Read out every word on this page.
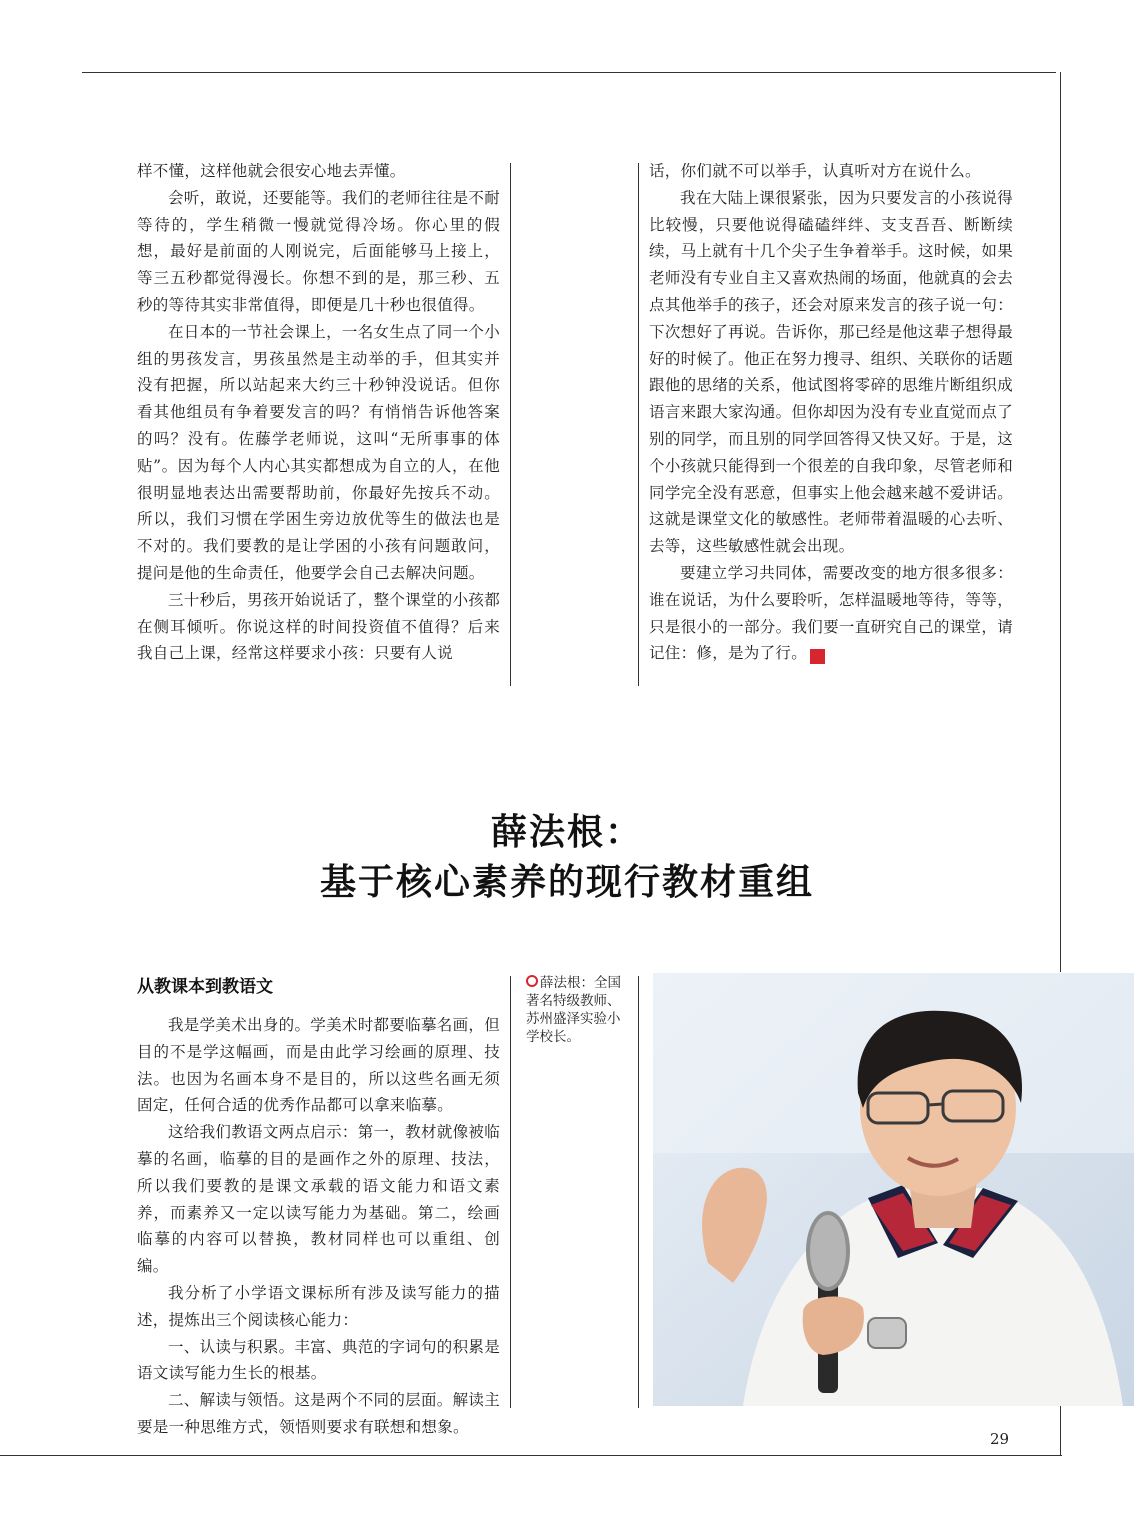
样不懂，这样他就会很安心地去弄懂。

会听，敢说，还要能等。我们的老师往往是不耐等待的，学生稍微一慢就觉得冷场。你心里的假想，最好是前面的人刚说完，后面能够马上接上，等三五秒都觉得漫长。你想不到的是，那三秒、五秒的等待其实非常值得，即便是几十秒也很值得。

在日本的一节社会课上，一名女生点了同一个小组的男孩发言，男孩虽然是主动举的手，但其实并没有把握，所以站起来大约三十秒钟没说话。但你看其他组员有争着要发言的吗？有悄悄告诉他答案的吗？没有。佐藤学老师说，这叫“无所事事的体贴”。因为每个人内心其实都想成为自立的人，在他很明显地表达出需要帮助前，你最好先按兵不动。所以，我们习惯在学困生旁边放优等生的做法也是不对的。我们要教的是让学困的小孩有问题敢问，提问是他的生命责任，他要学会自己去解决问题。

三十秒后，男孩开始说话了，整个课堂的小孩都在侧耳倾听。你说这样的时间投资值不值得？后来我自己上课，经常这样要求小孩：只要有人说

话，你们就不可以举手，认真听对方在说什么。

我在大陆上课很紧张，因为只要发言的小孩说得比较慢，只要他说得磕磕绊绊、支支吾吾、断断续续，马上就有十几个尖子生争着举手。这时候，如果老师没有专业自主又喜欢热闹的场面，他就真的会去点其他举手的孩子，还会对原来发言的孩子说一句：下次想好了再说。告诉你，那已经是他这辈子想得最好的时候了。他正在努力搜寻、组织、关联你的话题跟他的思绪的关系，他试图将零碎的思维片断组织成语言来跟大家沟通。但你却因为没有专业直觉而点了别的同学，而且别的同学回答得又快又好。于是，这个小孩就只能得到一个很差的自我印象，尽管老师和同学完全没有恶意，但事实上他会越来越不爱讲话。这就是课堂文化的敏感性。老师带着温暖的心去听、去等，这些敏感性就会出现。

要建立学习共同体，需要改变的地方很多很多：谁在说话，为什么要聆听，怎样温暖地等待，等等，只是很小的一部分。我们要一直研究自己的课堂，请记住：修，是为了行。	家

薛法根：
基于核心素养的现行教材重组
从教课本到教语文

我是学美术出身的。学美术时都要临摹名画，但目的不是学这幅画，而是由此学习绘画的原理、技法。也因为名画本身不是目的，所以这些名画无须固定，任何合适的优秀作品都可以拿来临摹。

这给我们教语文两点启示：第一，教材就像被临摹的名画，临摹的目的是画作之外的原理、技法，所以我们要教的是课文承载的语文能力和语文素养，而素养又一定以读写能力为基础。第二，绘画临摹的内容可以替换，教材同样也可以重组、创编。

我分析了小学语文课标所有涉及读写能力的描述，提炼出三个阅读核心能力：

一、认读与积累。丰富、典范的字词句的积累是语文读写能力生长的根基。

二、解读与领悟。这是两个不同的层面。解读主要是一种思维方式，领悟则要求有联想和想象。

薛法根：全国著名特级教师、苏州盛泽实验小学校长。
29
